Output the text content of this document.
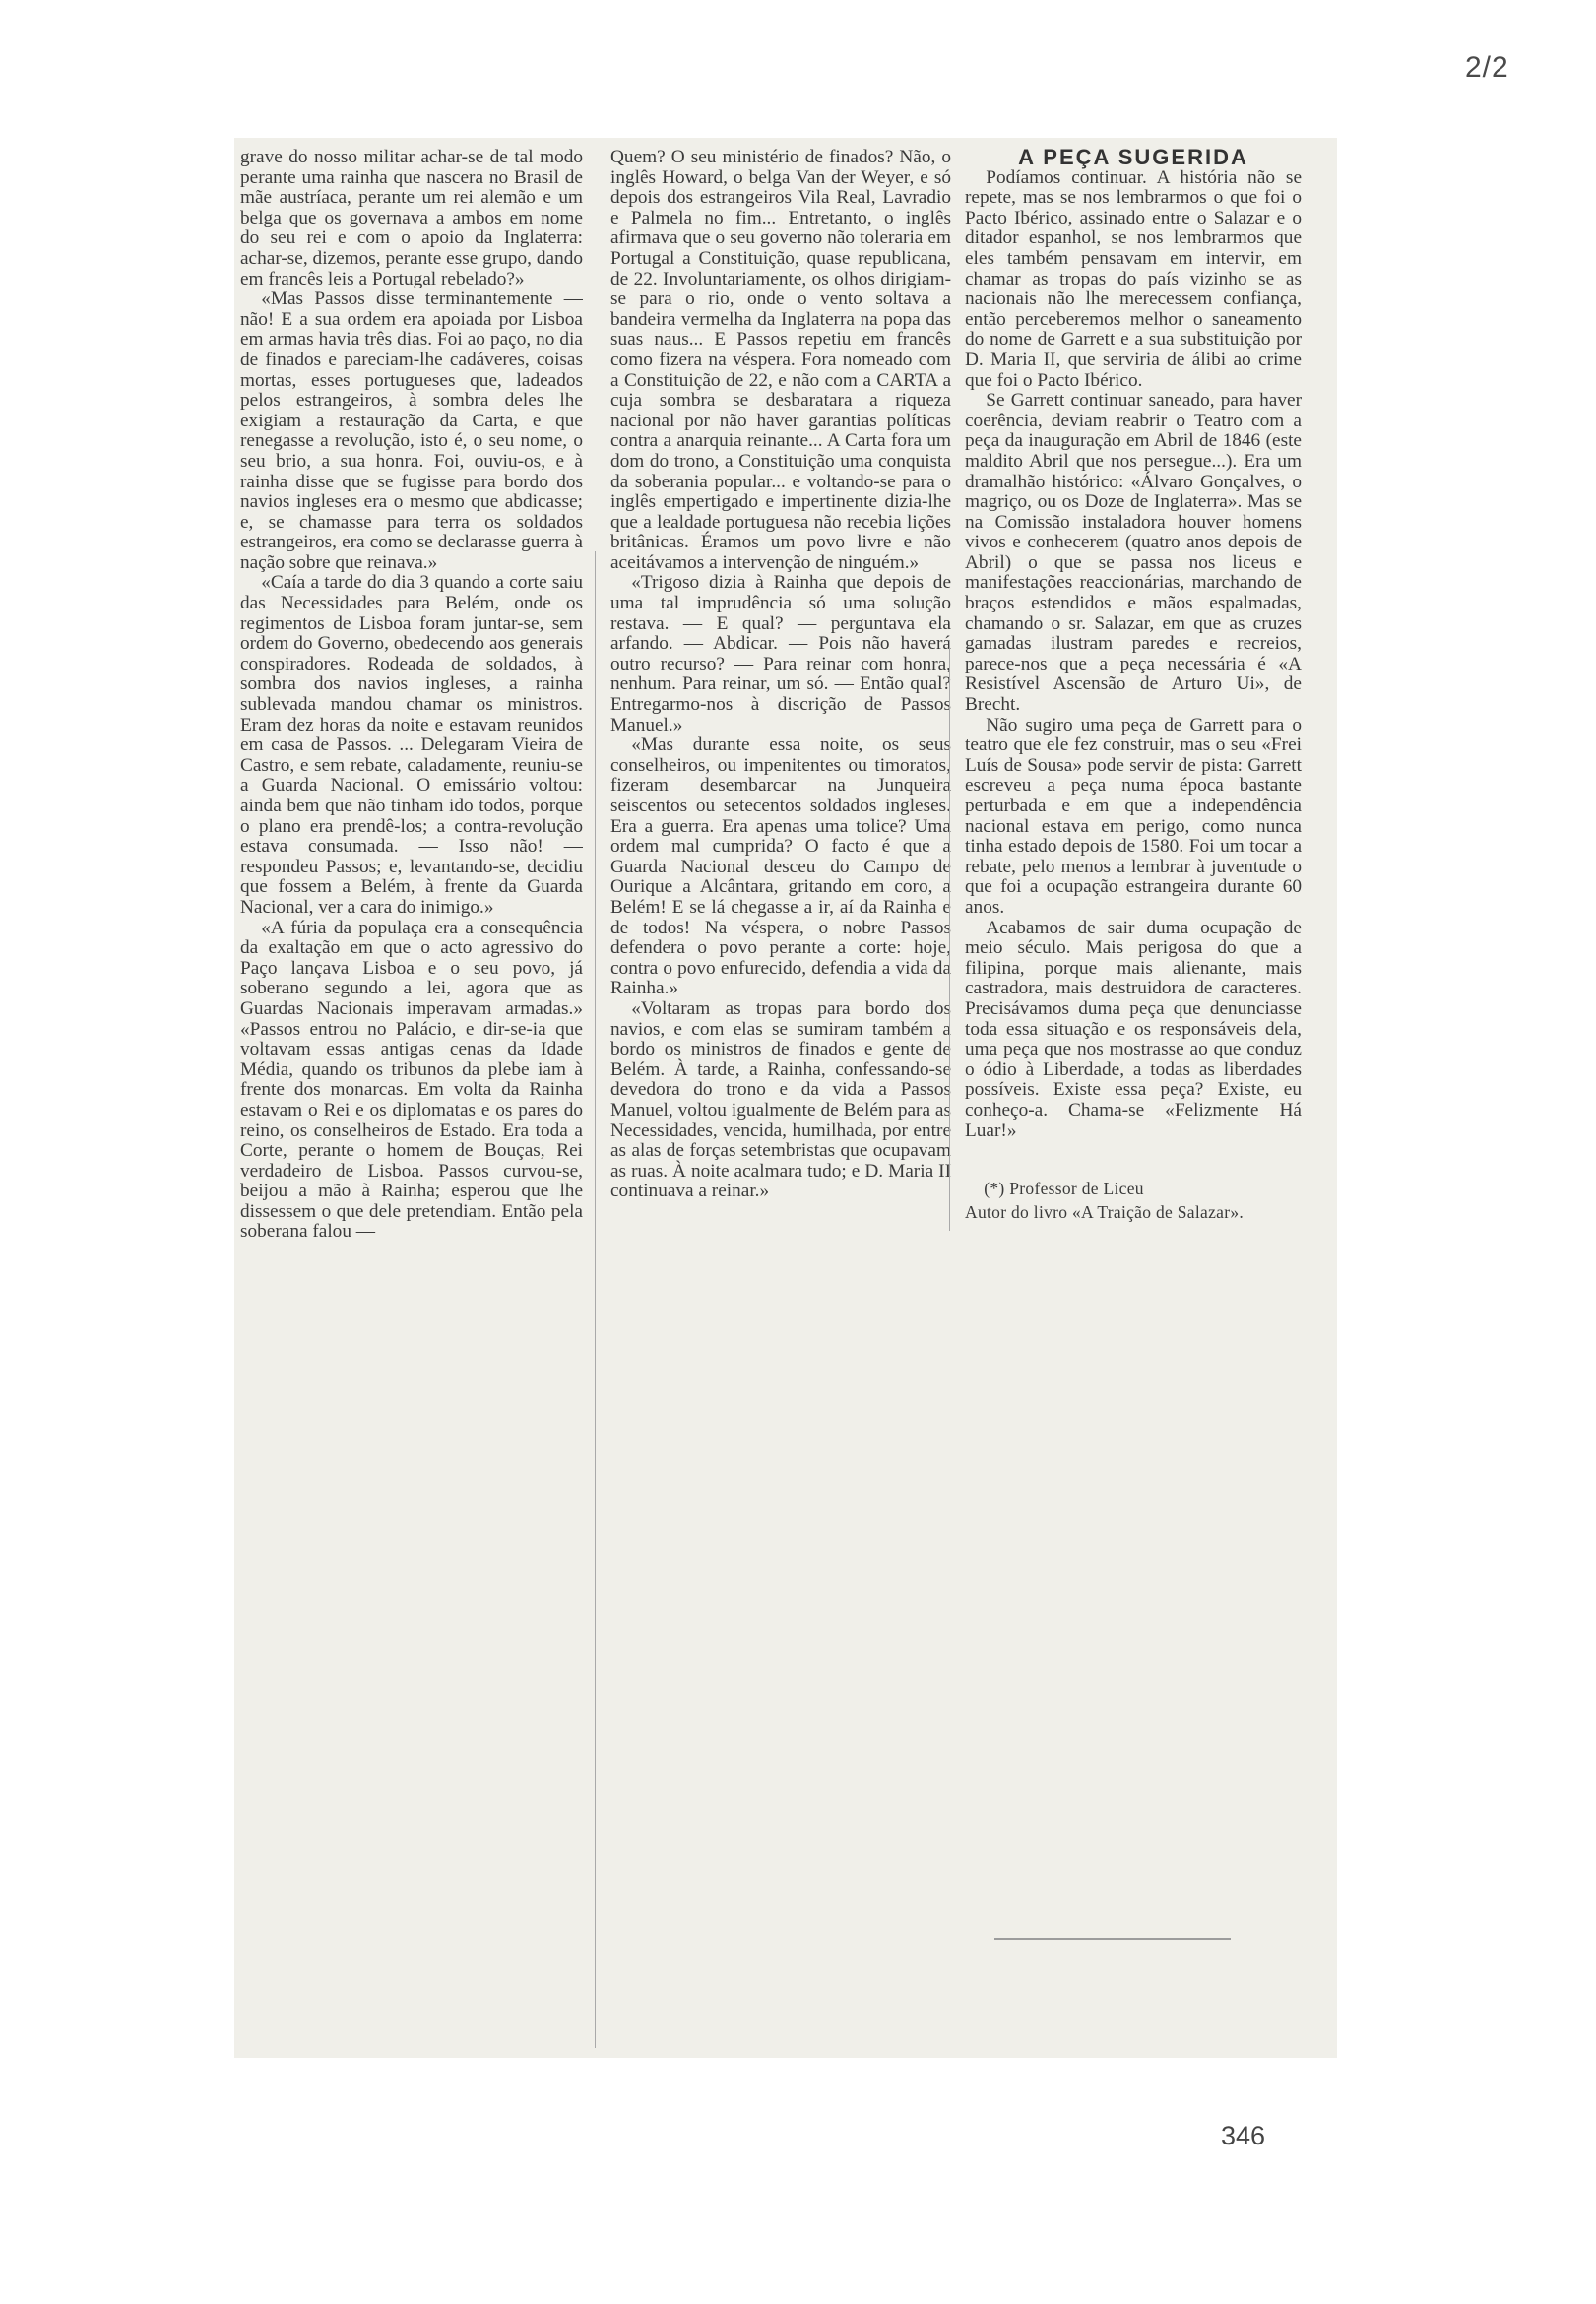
2/2

grave do nosso militar achar-se de tal modo perante uma rainha que nascera no Brasil de mãe austríaca, perante um rei alemão e um belga que os governava a ambos em nome do seu rei e com o apoio da Inglaterra: achar-se, dizemos, perante esse grupo, dando em francês leis a Portugal rebelado?»

«Mas Passos disse terminantemente — não! E a sua ordem era apoiada por Lisboa em armas havia três dias. Foi ao paço, no dia de finados e pareciam-lhe cadáveres, coisas mortas, esses portugueses que, ladeados pelos estrangeiros, à sombra deles lhe exigiam a restauração da Carta, e que renegasse a revolução, isto é, o seu nome, o seu brio, a sua honra. Foi, ouviu-os, e à rainha disse que se fugisse para bordo dos navios ingleses era o mesmo que abdicasse; e, se chamasse para terra os soldados estrangeiros, era como se declarasse guerra à nação sobre que reinava.»

«Caía a tarde do dia 3 quando a corte saiu das Necessidades para Belém, onde os regimentos de Lisboa foram juntar-se, sem ordem do Governo, obedecendo aos generais conspiradores. Rodeada de soldados, à sombra dos navios ingleses, a rainha sublevada mandou chamar os ministros. Eram dez horas da noite e estavam reunidos em casa de Passos. ... Delegaram Vieira de Castro, e sem rebate, caladamente, reuniu-se a Guarda Nacional. O emissário voltou: ainda bem que não tinham ido todos, porque o plano era prendê-los; a contra-revolução estava consumada. — Isso não! — respondeu Passos; e, levantando-se, decidiu que fossem a Belém, à frente da Guarda Nacional, ver a cara do inimigo.»

«A fúria da populaça era a consequência da exaltação em que o acto agressivo do Paço lançava Lisboa e o seu povo, já soberano segundo a lei, agora que as Guardas Nacionais imperavam armadas.» «Passos entrou no Palácio, e dir-se-ia que voltavam essas antigas cenas da Idade Média, quando os tribunos da plebe iam à frente dos monarcas. Em volta da Rainha estavam o Rei e os diplomatas e os pares do reino, os conselheiros de Estado. Era toda a Corte, perante o homem de Bouças, Rei verdadeiro de Lisboa. Passos curvou-se, beijou a mão à Rainha; esperou que lhe dissessem o que dele pretendiam. Então pela soberana falou —

Quem? O seu ministério de finados? Não, o inglês Howard, o belga Van der Weyer, e só depois dos estrangeiros Vila Real, Lavradio e Palmela no fim... Entretanto, o inglês afirmava que o seu governo não toleraria em Portugal a Constituição, quase republicana, de 22. Involuntariamente, os olhos dirigiam-se para o rio, onde o vento soltava a bandeira vermelha da Inglaterra na popa das suas naus... E Passos repetiu em francês como fizera na véspera. Fora nomeado com a Constituição de 22, e não com a CARTA a cuja sombra se desbaratara a riqueza nacional por não haver garantias políticas contra a anarquia reinante... A Carta fora um dom do trono, a Constituição uma conquista da soberania popular... e voltando-se para o inglês empertigado e impertinente dizia-lhe que a lealdade portuguesa não recebia lições britânicas. Éramos um povo livre e não aceitávamos a intervenção de ninguém.»

«Trigoso dizia à Rainha que depois de uma tal imprudência só uma solução restava. — E qual? — perguntava ela arfando. — Abdicar. — Pois não haverá outro recurso? — Para reinar com honra, nenhum. Para reinar, um só. — Então qual? Entregarmo-nos à discrição de Passos Manuel.»

«Mas durante essa noite, os seus conselheiros, ou impenitentes ou timoratos, fizeram desembarcar na Junqueira seiscentos ou setecentos soldados ingleses. Era a guerra. Era apenas uma tolice? Uma ordem mal cumprida? O facto é que a Guarda Nacional desceu do Campo de Ourique a Alcântara, gritando em coro, a Belém! E se lá chegasse a ir, aí da Rainha e de todos! Na véspera, o nobre Passos defendera o povo perante a corte: hoje, contra o povo enfurecido, defendia a vida da Rainha.»

«Voltaram as tropas para bordo dos navios, e com elas se sumiram também a bordo os ministros de finados e gente de Belém. À tarde, a Rainha, confessando-se devedora do trono e da vida a Passos Manuel, voltou igualmente de Belém para as Necessidades, vencida, humilhada, por entre as alas de forças setembristas que ocupavam as ruas. À noite acalmara tudo; e D. Maria II continuava a reinar.»

A PEÇA SUGERIDA

Podíamos continuar. A história não se repete, mas se nos lembrarmos o que foi o Pacto Ibérico, assinado entre o Salazar e o ditador espanhol, se nos lembrarmos que eles também pensavam em intervir, em chamar as tropas do país vizinho se as nacionais não lhe merecessem confiança, então perceberemos melhor o saneamento do nome de Garrett e a sua substituição por D. Maria II, que serviria de álibi ao crime que foi o Pacto Ibérico.

Se Garrett continuar saneado, para haver coerência, deviam reabrir o Teatro com a peça da inauguração em Abril de 1846 (este maldito Abril que nos persegue...). Era um dramalhão histórico: «Álvaro Gonçalves, o magriço, ou os Doze de Inglaterra». Mas se na Comissão instaladora houver homens vivos e conhecerem (quatro anos depois de Abril) o que se passa nos liceus e manifestações reaccionárias, marchando de braços estendidos e mãos espalmadas, chamando o sr. Salazar, em que as cruzes gamadas ilustram paredes e recreios, parece-nos que a peça necessária é «A Resistível Ascensão de Arturo Ui», de Brecht.

Não sugiro uma peça de Garrett para o teatro que ele fez construir, mas o seu «Frei Luís de Sousa» pode servir de pista: Garrett escreveu a peça numa época bastante perturbada e em que a independência nacional estava em perigo, como nunca tinha estado depois de 1580. Foi um tocar a rebate, pelo menos a lembrar à juventude o que foi a ocupação estrangeira durante 60 anos.

Acabamos de sair duma ocupação de meio século. Mais perigosa do que a filipina, porque mais alienante, mais castradora, mais destruidora de caracteres. Precisávamos duma peça que denunciasse toda essa situação e os responsáveis dela, uma peça que nos mostrasse ao que conduz o ódio à Liberdade, a todas as liberdades possíveis. Existe essa peça? Existe, eu conheço-a. Chama-se «Felizmente Há Luar!»

(*) Professor de Liceu
Autor do livro «A Traição de Salazar».

346
